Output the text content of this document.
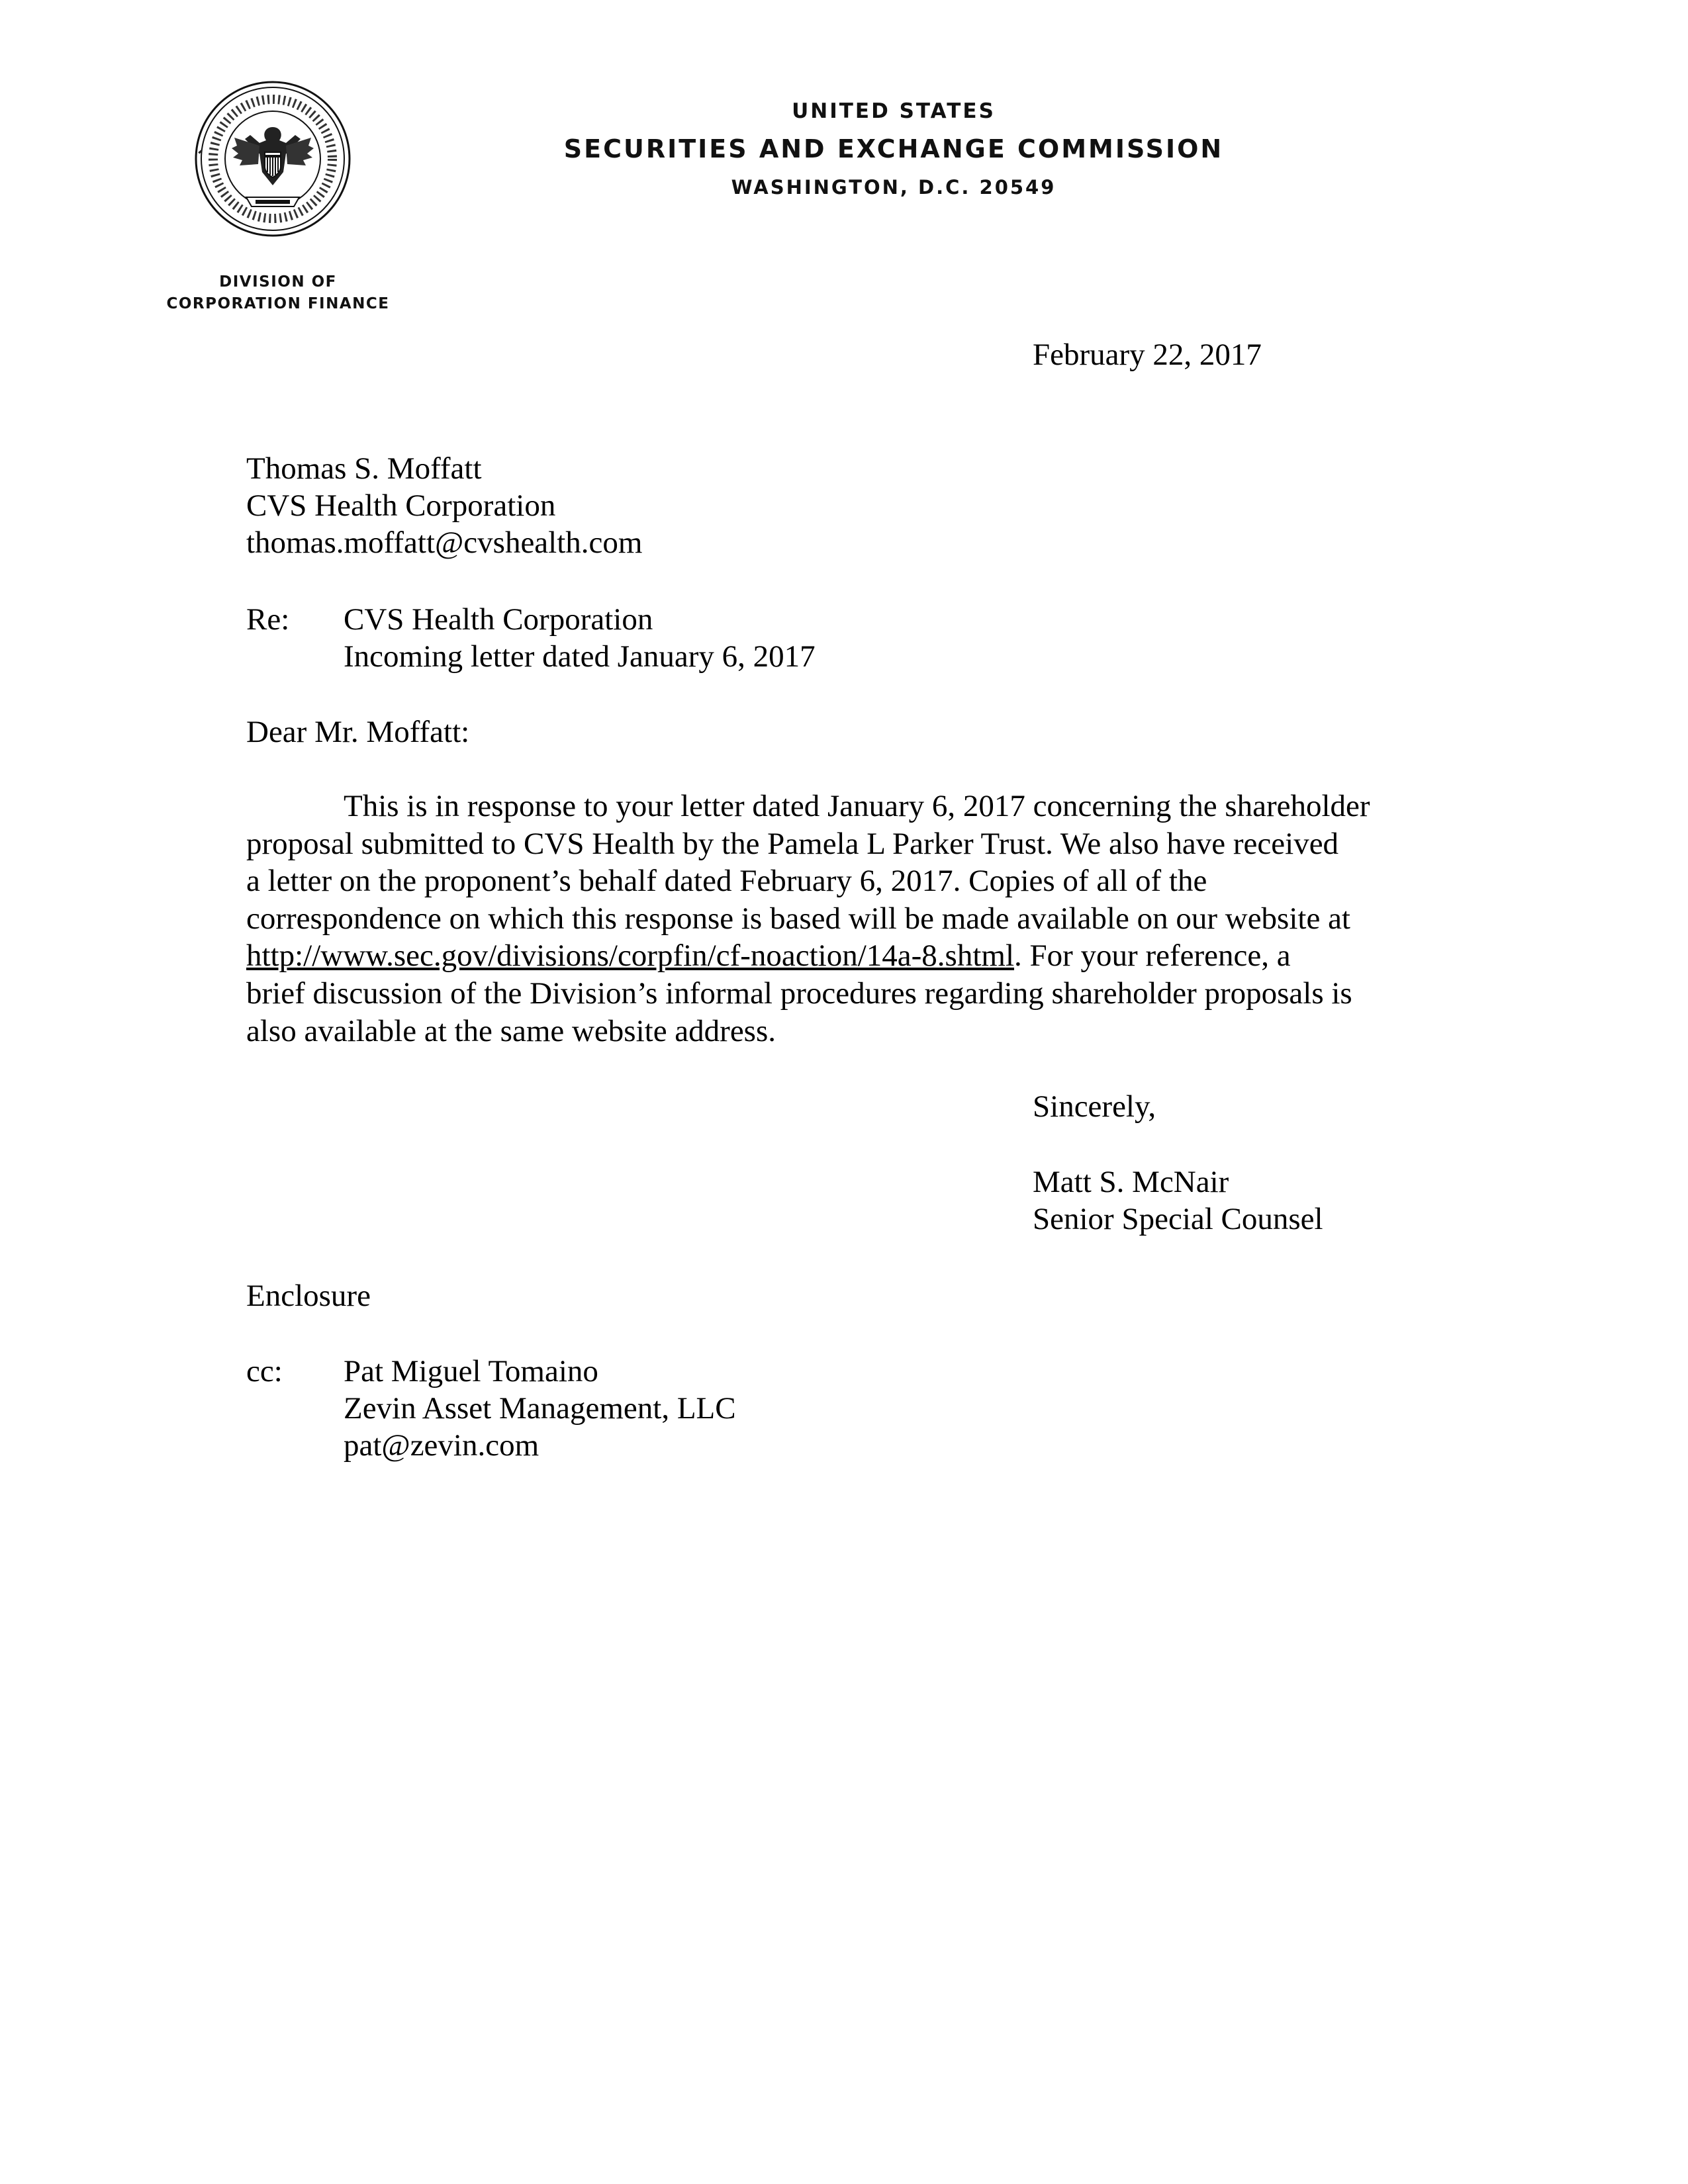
UNITED STATES
SECURITIES AND EXCHANGE COMMISSION
WASHINGTON, D.C. 20549
DIVISION OF
CORPORATION FINANCE
February 22, 2017
Thomas S. Moffatt
CVS Health Corporation
thomas.moffatt@cvshealth.com
Re: CVS Health Corporation
Incoming letter dated January 6, 2017
Dear Mr. Moffatt:
This is in response to your letter dated January 6, 2017 concerning the shareholder
proposal submitted to CVS Health by the Pamela L Parker Trust. We also have received
a letter on the proponent’s behalf dated February 6, 2017. Copies of all of the
correspondence on which this response is based will be made available on our website at
http://www.sec.gov/divisions/corpfin/cf-noaction/14a-8.shtml. For your reference, a
brief discussion of the Division’s informal procedures regarding shareholder proposals is
also available at the same website address.
Sincerely,
Matt S. McNair
Senior Special Counsel
Enclosure
cc: Pat Miguel Tomaino
Zevin Asset Management, LLC
pat@zevin.com
